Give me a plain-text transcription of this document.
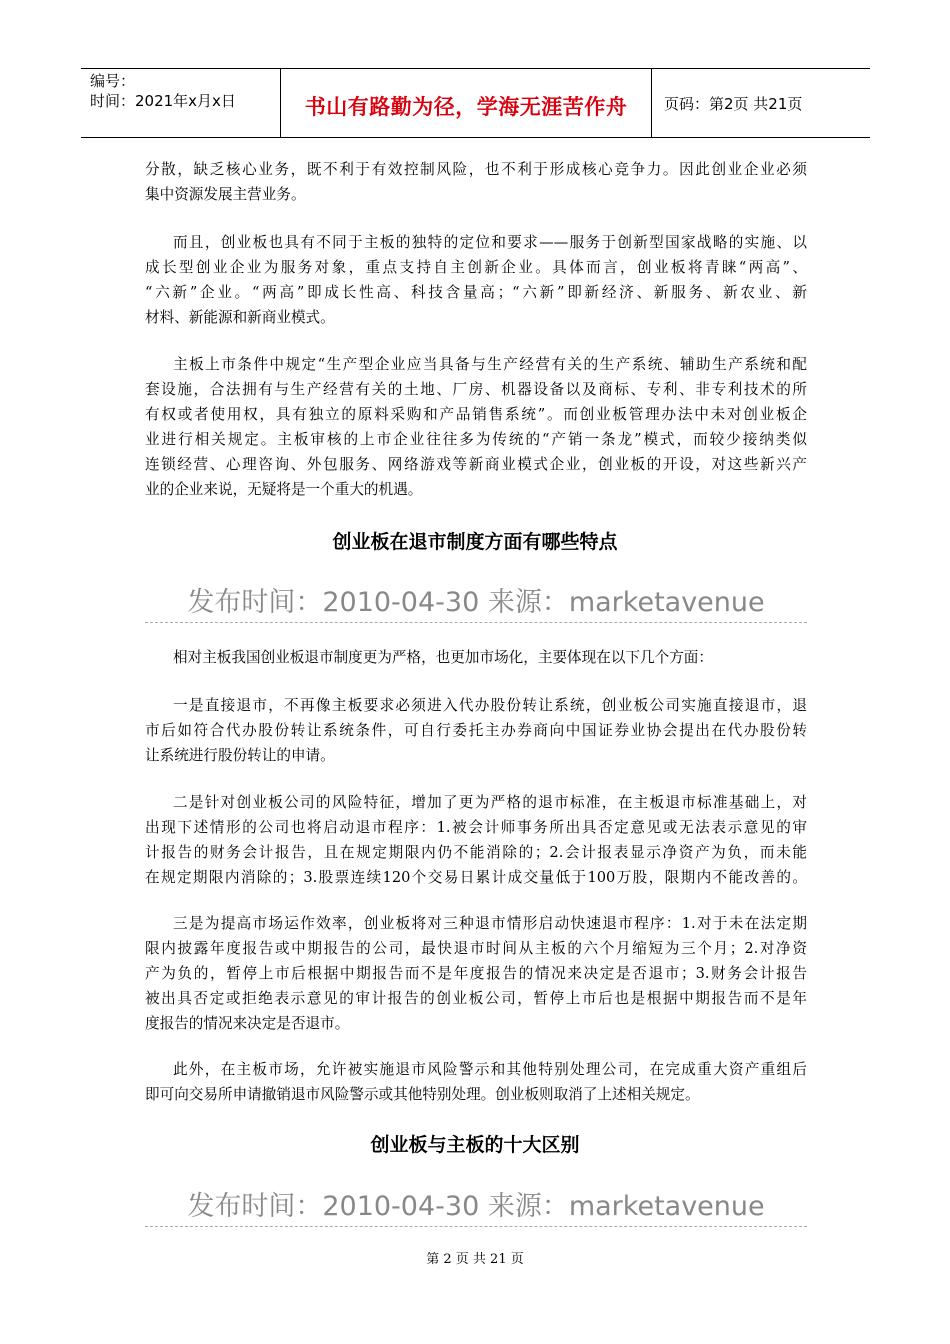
编号：
时间：2021年x月x日	书山有路勤为径，学海无涯苦作舟	页码：第2页 共21页
分散，缺乏核心业务，既不利于有效控制风险，也不利于形成核心竞争力。因此创业企业必须
集中资源发展主营业务。
而且，创业板也具有不同于主板的独特的定位和要求——服务于创新型国家战略的实施、以
成长型创业企业为服务对象，重点支持自主创新企业。具体而言，创业板将青睐“两高”、
“六新”企业。“两高”即成长性高、科技含量高；“六新”即新经济、新服务、新农业、新
材料、新能源和新商业模式。
主板上市条件中规定“生产型企业应当具备与生产经营有关的生产系统、辅助生产系统和配
套设施，合法拥有与生产经营有关的土地、厂房、机器设备以及商标、专利、非专利技术的所
有权或者使用权，具有独立的原料采购和产品销售系统”。而创业板管理办法中未对创业板企
业进行相关规定。主板审核的上市企业往往多为传统的“产销一条龙”模式，而较少接纳类似
连锁经营、心理咨询、外包服务、网络游戏等新商业模式企业，创业板的开设，对这些新兴产
业的企业来说，无疑将是一个重大的机遇。
创业板在退市制度方面有哪些特点
发布时间：2010-04-30 来源：marketavenue
相对主板我国创业板退市制度更为严格，也更加市场化，主要体现在以下几个方面：
一是直接退市，不再像主板要求必须进入代办股份转让系统，创业板公司实施直接退市，退
市后如符合代办股份转让系统条件，可自行委托主办券商向中国证券业协会提出在代办股份转
让系统进行股份转让的申请。
二是针对创业板公司的风险特征，增加了更为严格的退市标准，在主板退市标准基础上，对
出现下述情形的公司也将启动退市程序：1.被会计师事务所出具否定意见或无法表示意见的审
计报告的财务会计报告，且在规定期限内仍不能消除的；2.会计报表显示净资产为负，而未能
在规定期限内消除的；3.股票连续120个交易日累计成交量低于100万股，限期内不能改善的。
三是为提高市场运作效率，创业板将对三种退市情形启动快速退市程序：1.对于未在法定期
限内披露年度报告或中期报告的公司，最快退市时间从主板的六个月缩短为三个月；2.对净资
产为负的，暂停上市后根据中期报告而不是年度报告的情况来决定是否退市；3.财务会计报告
被出具否定或拒绝表示意见的审计报告的创业板公司，暂停上市后也是根据中期报告而不是年
度报告的情况来决定是否退市。
此外，在主板市场，允许被实施退市风险警示和其他特别处理公司，在完成重大资产重组后
即可向交易所申请撤销退市风险警示或其他特别处理。创业板则取消了上述相关规定。
创业板与主板的十大区别
发布时间：2010-04-30 来源：marketavenue
第 2 页 共 21 页
